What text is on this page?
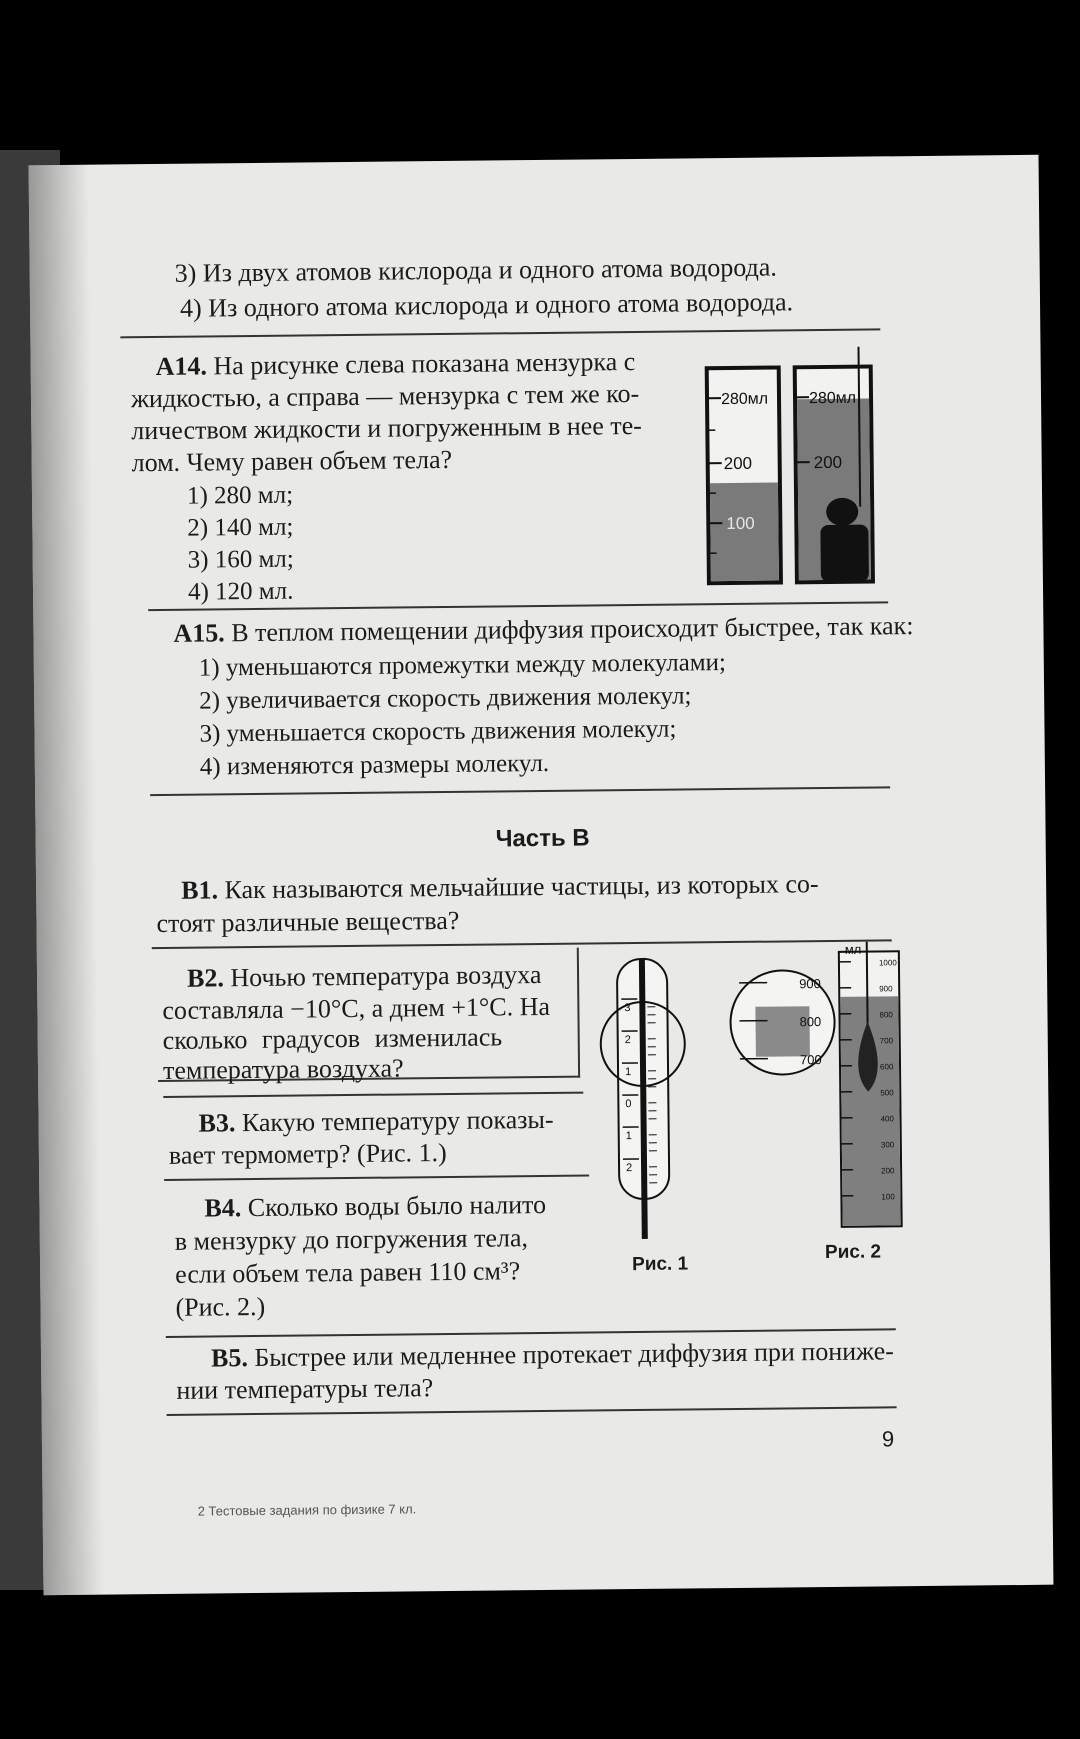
3) Из двух атомов кислорода и одного атома водорода.
4) Из одного атома кислорода и одного атома водорода.
А14. На рисунке слева показана мензурка с
жидкостью, а справа — мензурка с тем же ко-
личеством жидкости и погруженным в нее те-
лом. Чему равен объем тела?
1) 280 мл;
2) 140 мл;
3) 160 мл;
4) 120 мл.
280мл
200
100
280мл
200
А15. В теплом помещении диффузия происходит быстрее, так как:
1) уменьшаются промежутки между молекулами;
2) увеличивается скорость движения молекул;
3) уменьшается скорость движения молекул;
4) изменяются размеры молекул.
Часть В
В1. Как называются мельчайшие частицы, из которых со-
стоят различные вещества?
В2. Ночью температура воздуха
составляла −10°С, а днем +1°С. На
сколько градусов изменилась
температура воздуха?
В3. Какую температуру показы-
вает термометр? (Рис. 1.)
В4. Сколько воды было налито
в мензурку до погружения тела,
если объем тела равен 110 см³?
(Рис. 2.)
3
2
1
0
1
2
Рис. 1
мл
900
800
700
1000
900
800
700
600
500
400
300
200
100
Рис. 2
В5. Быстрее или медленнее протекает диффузия при пониже-
нии температуры тела?
9
2 Тестовые задания по физике 7 кл.
